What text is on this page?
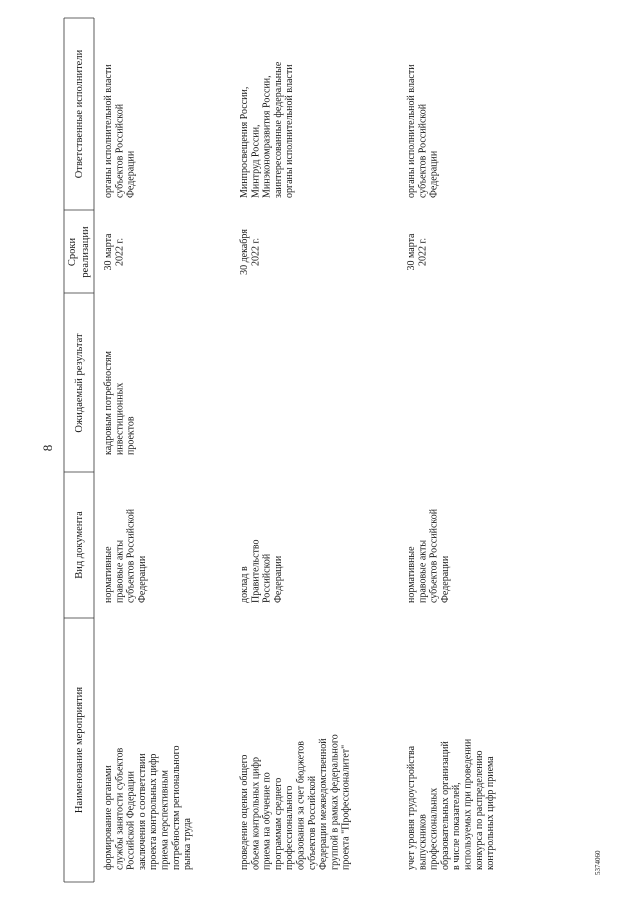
8
5374060
Ответственные исполнители
Сроки реализации
Ожидаемый результат
Вид документа
Наименование мероприятия
формирование органами службы занятости субъектов Российской Федерации заключения о соответствии проекта контрольных цифр приема перспективным потребностям регионального рынка труда
нормативные правовые акты субъектов Российской Федерации
кадровым потребностям инвестиционных проектов
30 марта 2022 г.
органы исполнительной власти субъектов Российской Федерации
проведение оценки общего объема контрольных цифр приема на обучение по программам среднего профессионального образования за счет бюджетов субъектов Российской Федерации межведомственной группой в рамках федерального проекта "Профессионалитет"
доклад в Правительство Российской Федерации
30 декабря 2022 г.
Минпросвещения России, Минтруд России, Минэкономразвития России, заинтересованные федеральные органы исполнительной власти
учет уровня трудоустройства выпускников профессиональных образовательных организаций в числе показателей, используемых при проведении конкурса по распределению контрольных цифр приема
нормативные правовые акты субъектов Российской Федерации
30 марта 2022 г.
органы исполнительной власти субъектов Российской Федерации
